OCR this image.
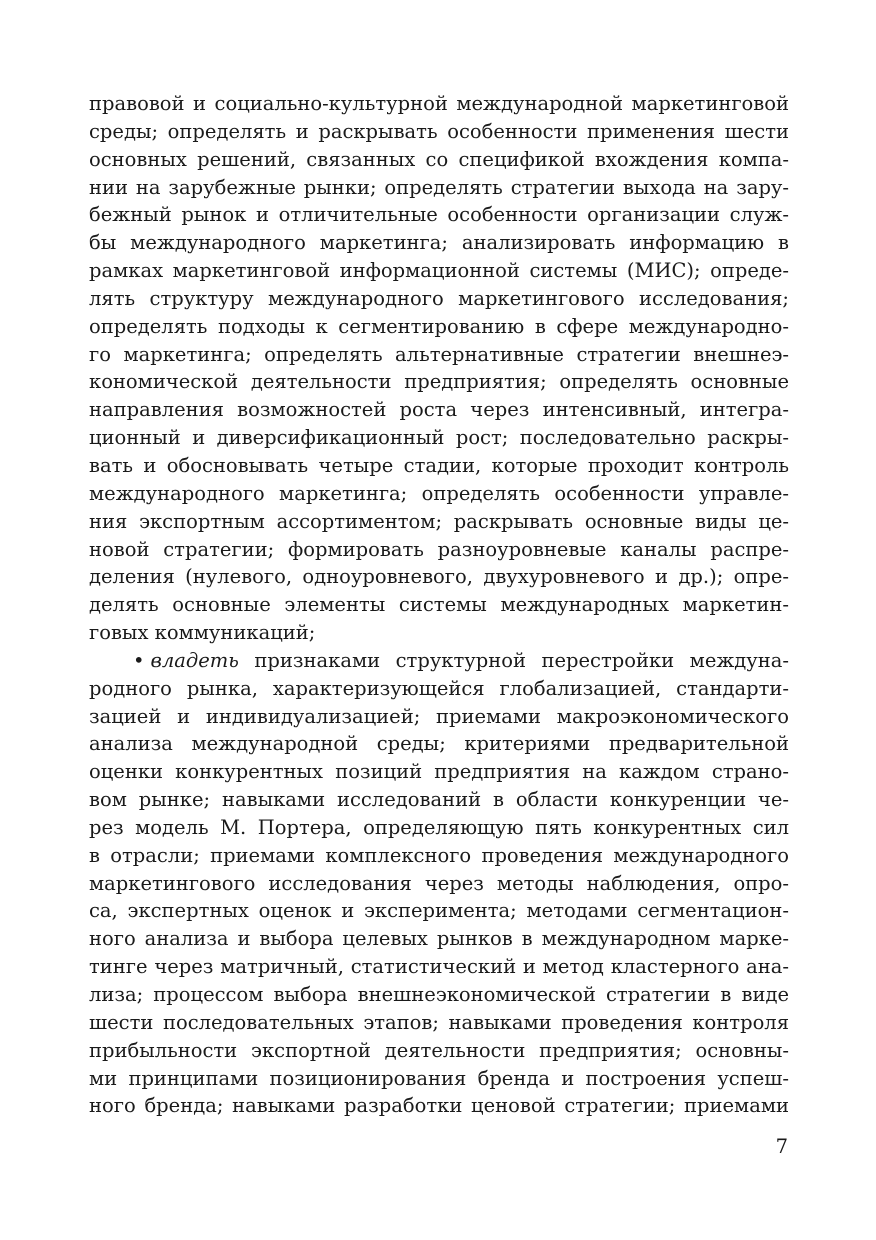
правовой и социально-культурной международной маркетинговой
среды; определять и раскрывать особенности применения шести
основных решений, связанных со спецификой вхождения компа-
нии на зарубежные рынки; определять стратегии выхода на зару-
бежный рынок и отличительные особенности организации служ-
бы международного маркетинга; анализировать информацию в
рамках маркетинговой информационной системы (МИС); опреде-
лять структуру международного маркетингового исследования;
определять подходы к сегментированию в сфере международно-
го маркетинга; определять альтернативные стратегии внешнеэ-
кономической деятельности предприятия; определять основные
направления возможностей роста через интенсивный, интегра-
ционный и диверсификационный рост; последовательно раскры-
вать и обосновывать четыре стадии, которые проходит контроль
международного маркетинга; определять особенности управле-
ния экспортным ассортиментом; раскрывать основные виды це-
новой стратегии; формировать разноуровневые каналы распре-
деления (нулевого, одноуровневого, двухуровневого и др.); опре-
делять основные элементы системы международных маркетин-
говых коммуникаций;
• владеть признаками структурной перестройки междуна-
родного рынка, характеризующейся глобализацией, стандарти-
зацией и индивидуализацией; приемами макроэкономического
анализа международной среды; критериями предварительной
оценки конкурентных позиций предприятия на каждом страно-
вом рынке; навыками исследований в области конкуренции че-
рез модель М. Портера, определяющую пять конкурентных сил
в отрасли; приемами комплексного проведения международного
маркетингового исследования через методы наблюдения, опро-
са, экспертных оценок и эксперимента; методами сегментацион-
ного анализа и выбора целевых рынков в международном марке-
тинге через матричный, статистический и метод кластерного ана-
лиза; процессом выбора внешнеэкономической стратегии в виде
шести последовательных этапов; навыками проведения контроля
прибыльности экспортной деятельности предприятия; основны-
ми принципами позиционирования бренда и построения успеш-
ного бренда; навыками разработки ценовой стратегии; приемами
7
